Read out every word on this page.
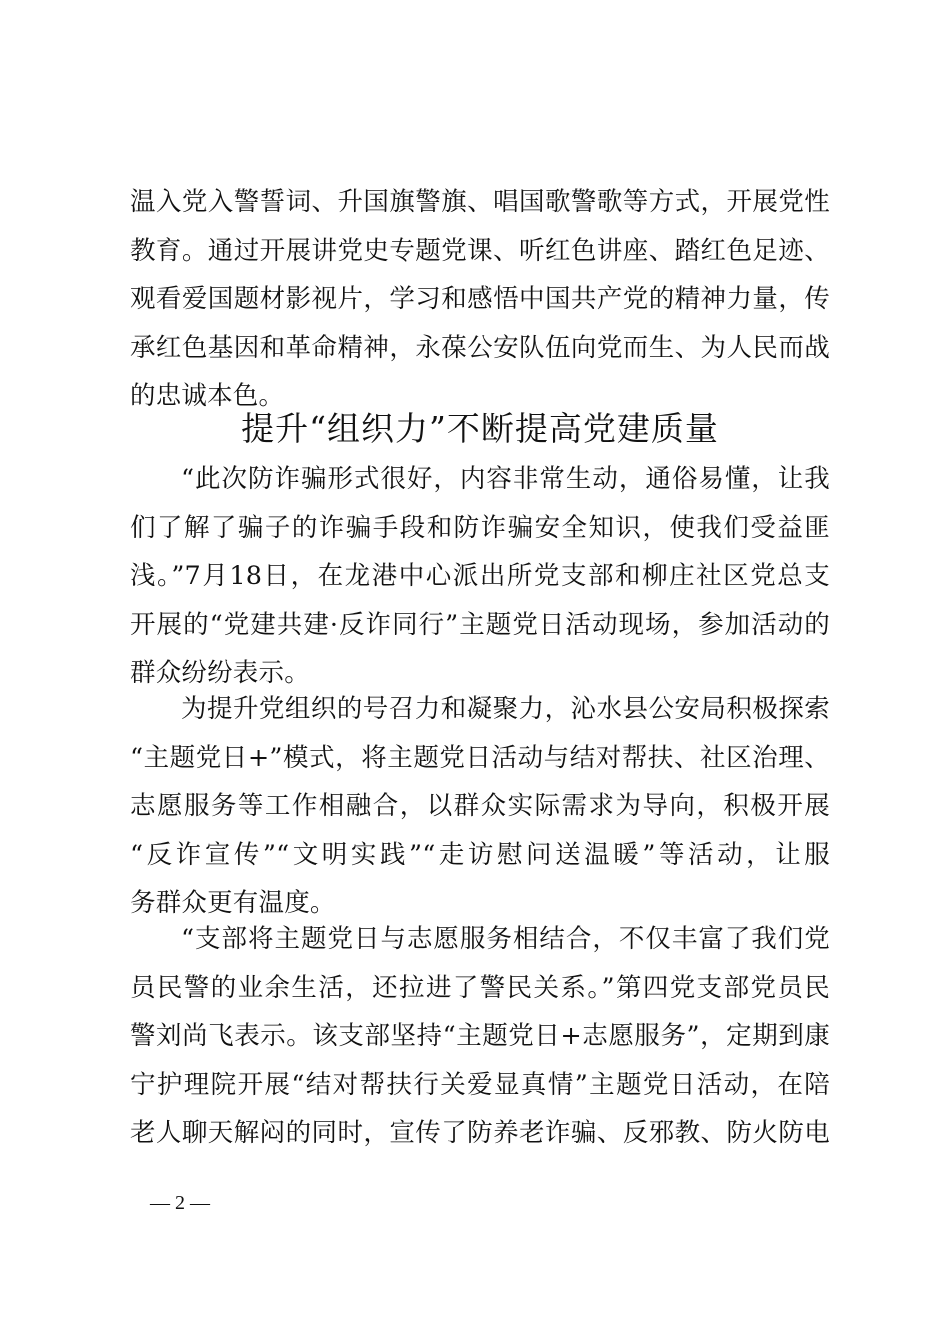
温入党入警誓词、升国旗警旗、唱国歌警歌等方式，开展党性
教育。通过开展讲党史专题党课、听红色讲座、踏红色足迹、
观看爱国题材影视片，学习和感悟中国共产党的精神力量，传
承红色基因和革命精神，永葆公安队伍向党而生、为人民而战
的忠诚本色。
提升“组织力”不断提高党建质量
“此次防诈骗形式很好，内容非常生动，通俗易懂，让我
们了解了骗子的诈骗手段和防诈骗安全知识，使我们受益匪
浅。”7月18日，在龙港中心派出所党支部和柳庄社区党总支
开展的“党建共建·反诈同行”主题党日活动现场，参加活动的
群众纷纷表示。
为提升党组织的号召力和凝聚力，沁水县公安局积极探索
“主题党日+”模式，将主题党日活动与结对帮扶、社区治理、
志愿服务等工作相融合，以群众实际需求为导向，积极开展
“反诈宣传”“文明实践”“走访慰问送温暖”等活动，让服
务群众更有温度。
“支部将主题党日与志愿服务相结合，不仅丰富了我们党
员民警的业余生活，还拉进了警民关系。”第四党支部党员民
警刘尚飞表示。该支部坚持“主题党日+志愿服务”，定期到康
宁护理院开展“结对帮扶行关爱显真情”主题党日活动，在陪
老人聊天解闷的同时，宣传了防养老诈骗、反邪教、防火防电
— 2 —
